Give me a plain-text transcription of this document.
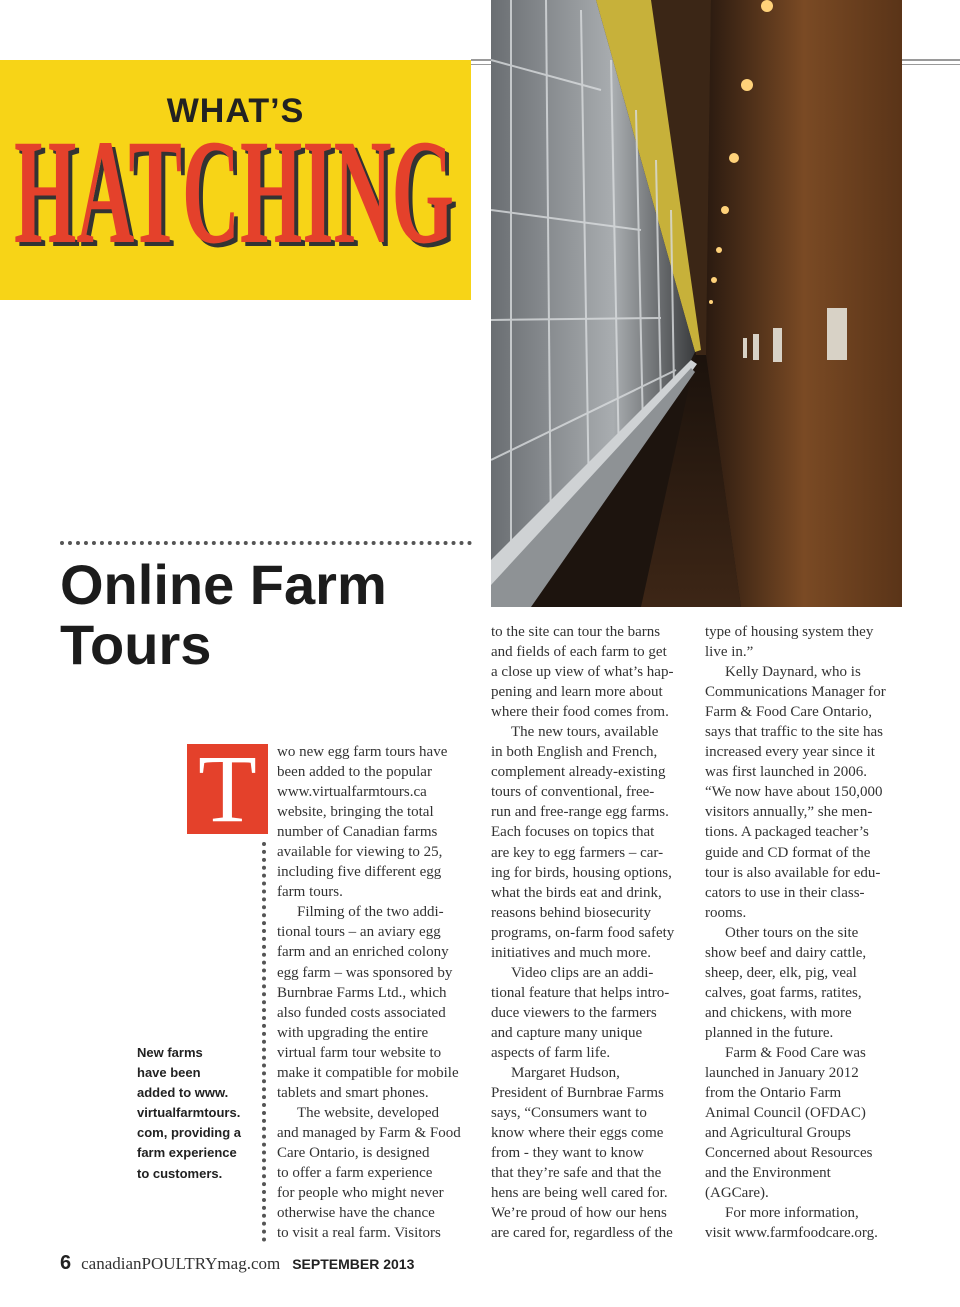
WHAT’S
HATCHING
HATCHING
Online Farm
Tours
T
New farms
have been
added to www.
virtualfarmtours.
com, providing a
farm experience
to customers.
wo new egg farm tours have
been added to the popular
www.virtualfarmtours.ca
website, bringing the total
number of Canadian farms
available for viewing to 25,
including five different egg
farm tours.
Filming of the two addi-
tional tours – an aviary egg
farm and an enriched colony
egg farm – was sponsored by
Burnbrae Farms Ltd., which
also funded costs associated
with upgrading the entire
virtual farm tour website to
make it compatible for mobile
tablets and smart phones.
The website, developed
and managed by Farm & Food
Care Ontario, is designed
to offer a farm experience
for people who might never
otherwise have the chance
to visit a real farm. Visitors
to the site can tour the barns
and fields of each farm to get
a close up view of what’s hap-
pening and learn more about
where their food comes from.
The new tours, available
in both English and French,
complement already-existing
tours of conventional, free-
run and free-range egg farms.
Each focuses on topics that
are key to egg farmers – car-
ing for birds, housing options,
what the birds eat and drink,
reasons behind biosecurity
programs, on-farm food safety
initiatives and much more.
Video clips are an addi-
tional feature that helps intro-
duce viewers to the farmers
and capture many unique
aspects of farm life.
Margaret Hudson,
President of Burnbrae Farms
says, “Consumers want to
know where their eggs come
from - they want to know
that they’re safe and that the
hens are being well cared for.
We’re proud of how our hens
are cared for, regardless of the
type of housing system they
live in.”
Kelly Daynard, who is
Communications Manager for
Farm & Food Care Ontario,
says that traffic to the site has
increased every year since it
was first launched in 2006.
“We now have about 150,000
visitors annually,” she men-
tions. A packaged teacher’s
guide and CD format of the
tour is also available for edu-
cators to use in their class-
rooms.
Other tours on the site
show beef and dairy cattle,
sheep, deer, elk, pig, veal
calves, goat farms, ratites,
and chickens, with more
planned in the future.
Farm & Food Care was
launched in January 2012
from the Ontario Farm
Animal Council (OFDAC)
and Agricultural Groups
Concerned about Resources
and the Environment
(AGCare).
For more information,
visit www.farmfoodcare.org.
6 canadianPOULTRYmag.com SEPTEMBER 2013
